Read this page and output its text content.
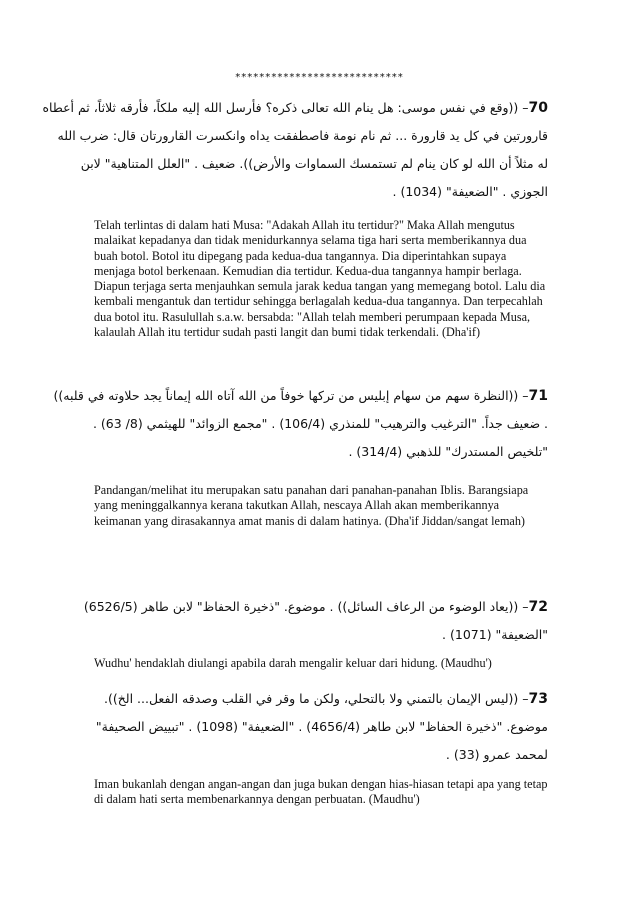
****************************
70– ((وقع في نفس موسى: هل ينام الله تعالى ذكره؟ فأرسل الله إليه ملكاً، فأرقه ثلاثاً، ثم أعطاه
قارورتين في كل يد قارورة ... ثم نام نومة فاصطفقت يداه وانكسرت القارورتان قال: ضرب الله
له مثلاً أن الله لو كان ينام لم تستمسك السماوات والأرض)). ضعيف . "العلل المتناهية" لابن
الجوزي . "الضعيفة" (1034) .
Telah terlintas di dalam hati Musa: "Adakah Allah itu tertidur?" Maka Allah mengutus malaikat kepadanya dan tidak menidurkannya selama tiga hari serta memberikannya dua buah botol. Botol itu dipegang pada kedua-dua tangannya. Dia diperintahkan supaya menjaga botol berkenaan. Kemudian dia tertidur. Kedua-dua tangannya hampir berlaga. Diapun terjaga serta menjauhkan semula jarak kedua tangan yang memegang botol. Lalu dia kembali mengantuk dan tertidur sehingga berlagalah kedua-dua tangannya. Dan terpecahlah dua botol itu. Rasulullah s.a.w. bersabda: "Allah telah memberi perumpaan kepada Musa, kalaulah Allah itu tertidur sudah pasti langit dan bumi tidak terkendali. (Dha'if)
71– ((النظرة سهم من سهام إبليس من تركها خوفاً من الله آتاه الله إيماناً يجد حلاوته في قلبه))
. ضعيف جداً. "الترغيب والترهيب" للمنذري (106/4) . "مجمع الزوائد" للهيثمي (8/ 63) .
"تلخيص المستدرك" للذهبي (314/4) .
Pandangan/melihat itu merupakan satu panahan dari panahan-panahan Iblis. Barangsiapa yang meninggalkannya kerana takutkan Allah, nescaya Allah akan memberikannya keimanan yang dirasakannya amat manis di dalam hatinya. (Dha'if Jiddan/sangat lemah)
72– ((يعاد الوضوء من الرعاف السائل)) . موضوع. "ذخيرة الحفاظ" لابن طاهر (6526/5)
"الضعيفة" (1071) .
Wudhu' hendaklah diulangi apabila darah mengalir keluar dari hidung. (Maudhu')
73– ((ليس الإيمان بالتمني ولا بالتحلي، ولكن ما وقر في القلب وصدقه الفعل... الخ)).
موضوع. "ذخيرة الحفاظ" لابن طاهر (4656/4) . "الضعيفة" (1098) . "تبييض الصحيفة"
لمحمد عمرو (33) .
Iman bukanlah dengan angan-angan dan juga bukan dengan hias-hiasan tetapi apa yang tetap di dalam hati serta membenarkannya dengan perbuatan. (Maudhu')
